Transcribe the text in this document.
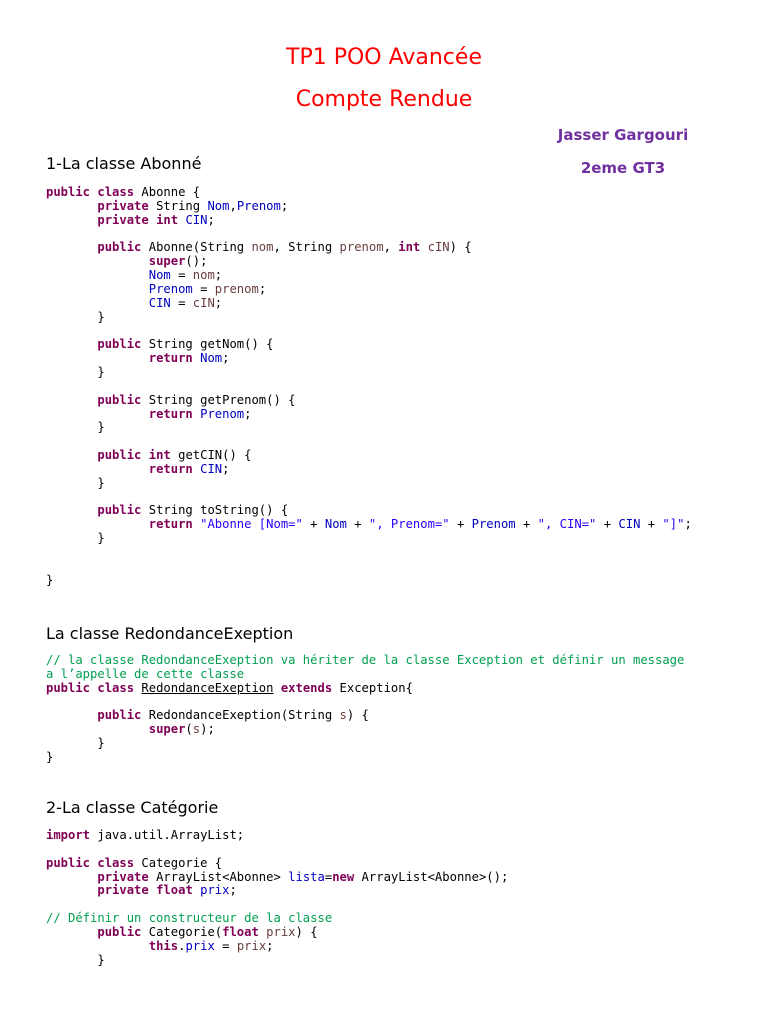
TP1 POO Avancée
Compte Rendue
Jasser Gargouri
2eme GT3
1-La classe Abonné
public class Abonne {
private String Nom,Prenom;
private int CIN;
public Abonne(String nom, String prenom, int cIN) {
super();
Nom = nom;
Prenom = prenom;
CIN = cIN;
}
public String getNom() {
return Nom;
}
public String getPrenom() {
return Prenom;
}
public int getCIN() {
return CIN;
}
public String toString() {
return "Abonne [Nom=" + Nom + ", Prenom=" + Prenom + ", CIN=" + CIN + "]";
}
}
La classe RedondanceExeption
// la classe RedondanceExeption va hériter de la classe Exception et définir un message
a l’appelle de cette classe
public class RedondanceExeption extends Exception{
public RedondanceExeption(String s) {
super(s);
}
}
2-La classe Catégorie
import java.util.ArrayList;
public class Categorie {
private ArrayList<Abonne> lista=new ArrayList<Abonne>();
private float prix;
// Définir un constructeur de la classe
public Categorie(float prix) {
this.prix = prix;
}
